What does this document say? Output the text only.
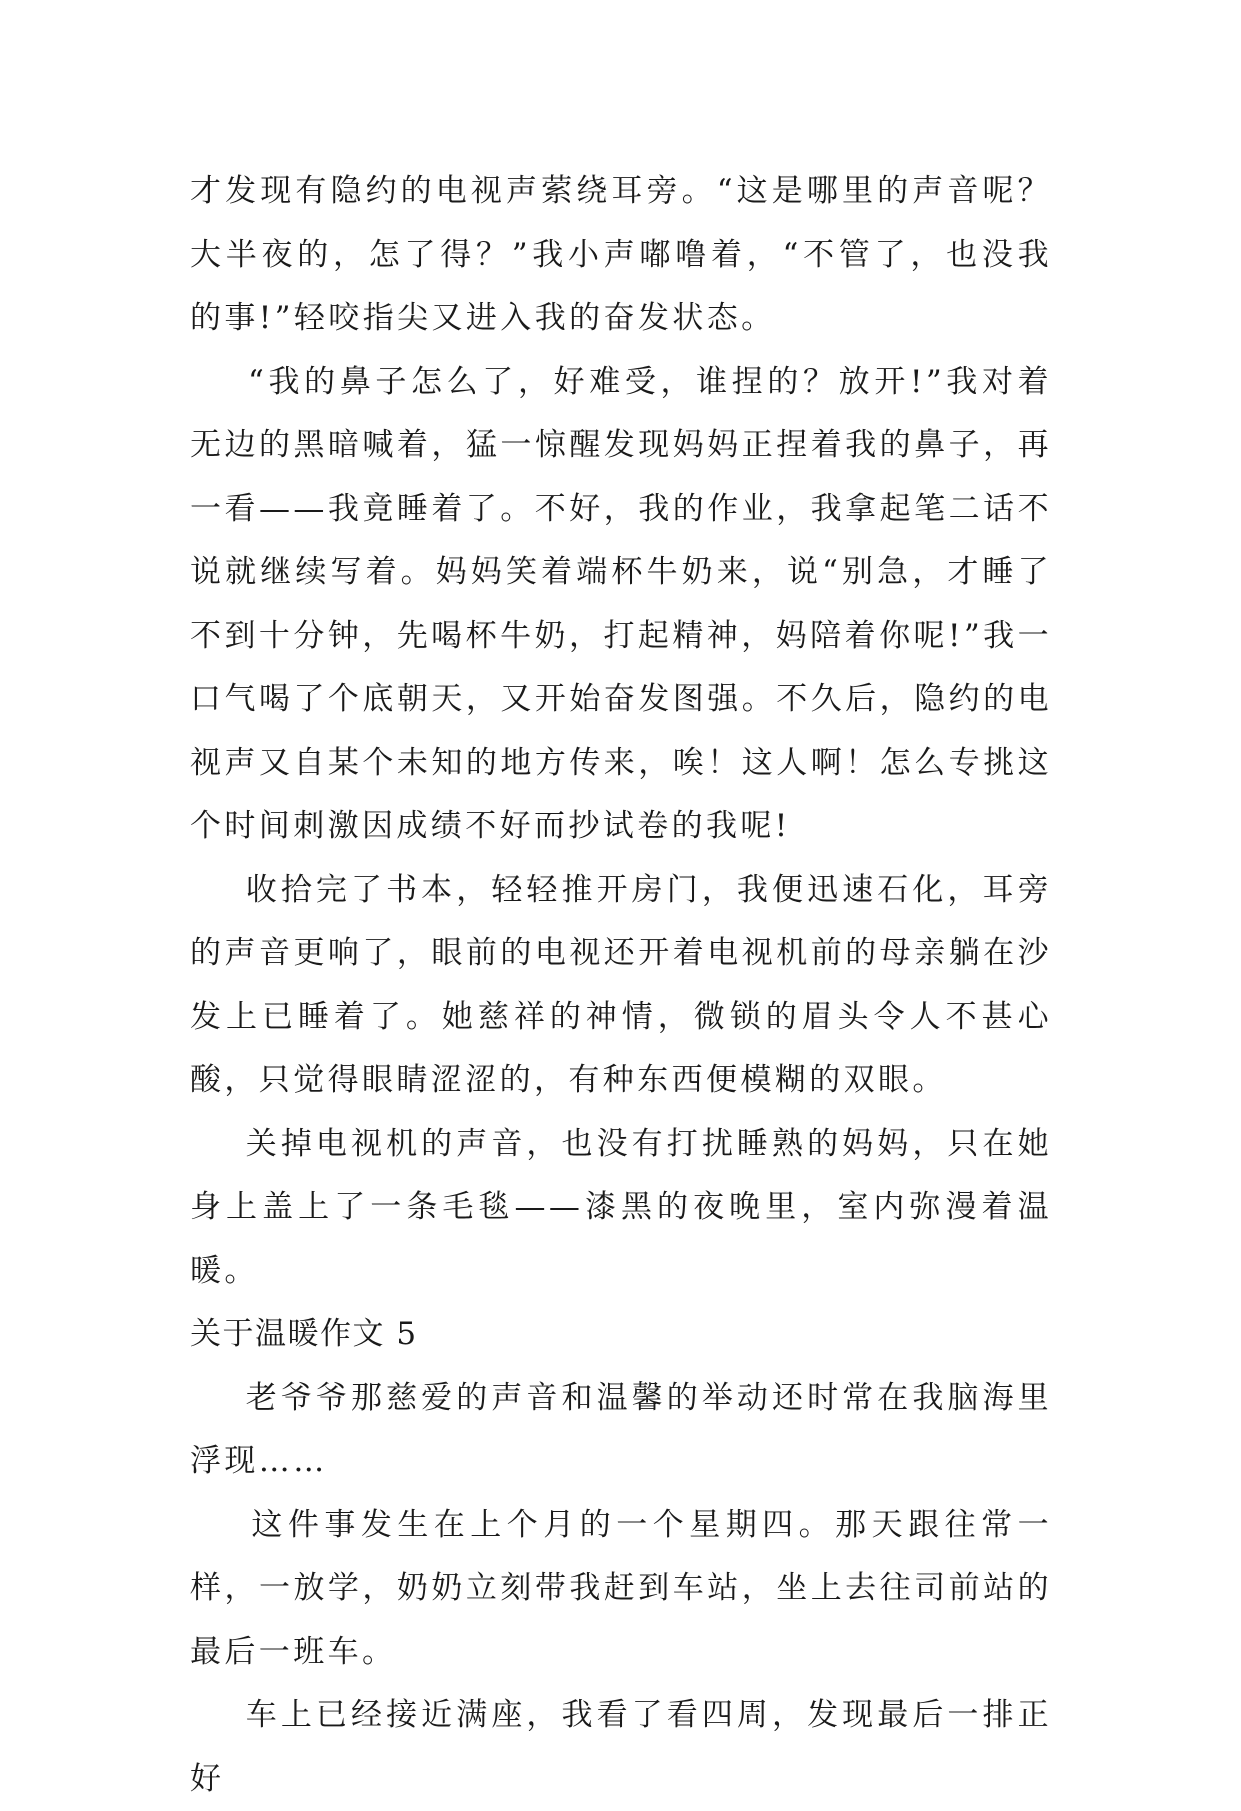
才发现有隐约的电视声萦绕耳旁。“这是哪里的声音呢？大半夜的，怎了得？”我小声嘟噜着，“不管了，也没我的事!”轻咬指尖又进入我的奋发状态。

“我的鼻子怎么了，好难受，谁捏的？放开!”我对着无边的黑暗喊着，猛一惊醒发现妈妈正捏着我的鼻子，再一看——我竟睡着了。不好，我的作业，我拿起笔二话不说就继续写着。妈妈笑着端杯牛奶来，说“别急，才睡了不到十分钟，先喝杯牛奶，打起精神，妈陪着你呢!”我一口气喝了个底朝天，又开始奋发图强。不久后，隐约的电视声又自某个未知的地方传来，唉！这人啊！怎么专挑这个时间刺激因成绩不好而抄试卷的我呢!

收拾完了书本，轻轻推开房门，我便迅速石化，耳旁的声音更响了，眼前的电视还开着电视机前的母亲躺在沙发上已睡着了。她慈祥的神情，微锁的眉头令人不甚心酸，只觉得眼睛涩涩的，有种东西便模糊的双眼。

关掉电视机的声音，也没有打扰睡熟的妈妈，只在她身上盖上了一条毛毯——漆黑的夜晚里，室内弥漫着温暖。

关于温暖作文 5

老爷爷那慈爱的声音和温馨的举动还时常在我脑海里浮现……

这件事发生在上个月的一个星期四。那天跟往常一样，一放学，奶奶立刻带我赶到车站，坐上去往司前站的最后一班车。

车上已经接近满座，我看了看四周，发现最后一排正好
